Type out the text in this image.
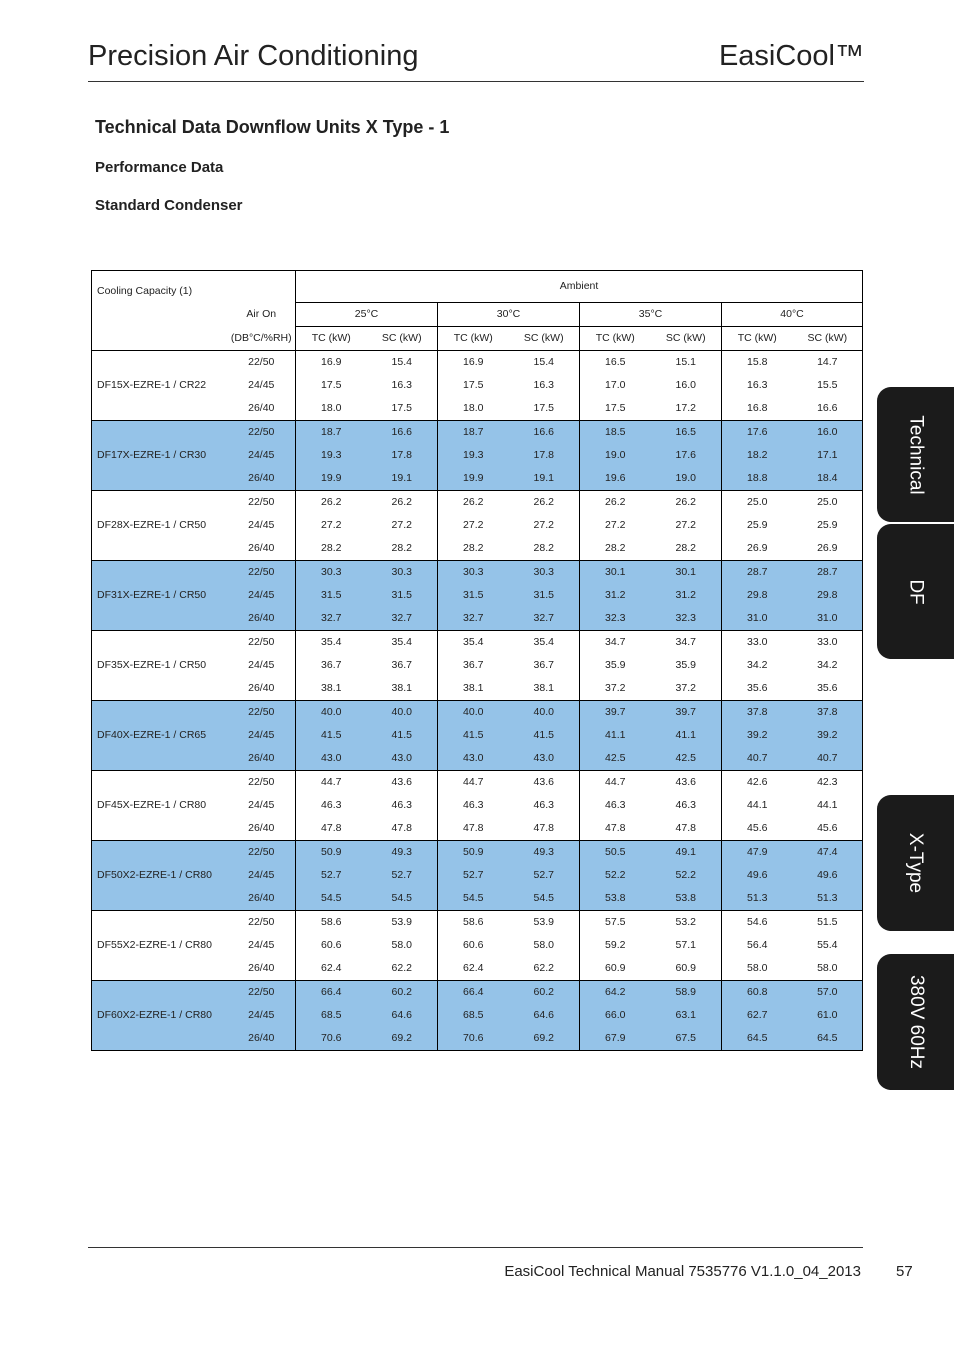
Precision Air Conditioning	EasiCool™
Technical Data Downflow Units X Type - 1
Performance Data
Standard Condenser
Cooling Capacity (1)		Ambient							
	Air On	25°C		30°C		35°C		40°C	
	(DB°C/%RH)	TC (kW)	SC (kW)	TC (kW)	SC (kW)	TC (kW)	SC (kW)	TC (kW)	SC (kW)
DF15X-EZRE-1 / CR22	22/50	16.9	15.4	16.9	15.4	16.5	15.1	15.8	14.7
	24/45	17.5	16.3	17.5	16.3	17.0	16.0	16.3	15.5
	26/40	18.0	17.5	18.0	17.5	17.5	17.2	16.8	16.6
DF17X-EZRE-1 / CR30	22/50	18.7	16.6	18.7	16.6	18.5	16.5	17.6	16.0
	24/45	19.3	17.8	19.3	17.8	19.0	17.6	18.2	17.1
	26/40	19.9	19.1	19.9	19.1	19.6	19.0	18.8	18.4
DF28X-EZRE-1 / CR50	22/50	26.2	26.2	26.2	26.2	26.2	26.2	25.0	25.0
	24/45	27.2	27.2	27.2	27.2	27.2	27.2	25.9	25.9
	26/40	28.2	28.2	28.2	28.2	28.2	28.2	26.9	26.9
DF31X-EZRE-1 / CR50	22/50	30.3	30.3	30.3	30.3	30.1	30.1	28.7	28.7
	24/45	31.5	31.5	31.5	31.5	31.2	31.2	29.8	29.8
	26/40	32.7	32.7	32.7	32.7	32.3	32.3	31.0	31.0
DF35X-EZRE-1 / CR50	22/50	35.4	35.4	35.4	35.4	34.7	34.7	33.0	33.0
	24/45	36.7	36.7	36.7	36.7	35.9	35.9	34.2	34.2
	26/40	38.1	38.1	38.1	38.1	37.2	37.2	35.6	35.6
DF40X-EZRE-1 / CR65	22/50	40.0	40.0	40.0	40.0	39.7	39.7	37.8	37.8
	24/45	41.5	41.5	41.5	41.5	41.1	41.1	39.2	39.2
	26/40	43.0	43.0	43.0	43.0	42.5	42.5	40.7	40.7
DF45X-EZRE-1 / CR80	22/50	44.7	43.6	44.7	43.6	44.7	43.6	42.6	42.3
	24/45	46.3	46.3	46.3	46.3	46.3	46.3	44.1	44.1
	26/40	47.8	47.8	47.8	47.8	47.8	47.8	45.6	45.6
DF50X2-EZRE-1 / CR80	22/50	50.9	49.3	50.9	49.3	50.5	49.1	47.9	47.4
	24/45	52.7	52.7	52.7	52.7	52.2	52.2	49.6	49.6
	26/40	54.5	54.5	54.5	54.5	53.8	53.8	51.3	51.3
DF55X2-EZRE-1 / CR80	22/50	58.6	53.9	58.6	53.9	57.5	53.2	54.6	51.5
	24/45	60.6	58.0	60.6	58.0	59.2	57.1	56.4	55.4
	26/40	62.4	62.2	62.4	62.2	60.9	60.9	58.0	58.0
DF60X2-EZRE-1 / CR80	22/50	66.4	60.2	66.4	60.2	64.2	58.9	60.8	57.0
	24/45	68.5	64.6	68.5	64.6	66.0	63.1	62.7	61.0
	26/40	70.6	69.2	70.6	69.2	67.9	67.5	64.5	64.5
Technical
DF
X-Type
380V 60Hz
EasiCool Technical Manual 7535776 V1.1.0_04_2013 57
